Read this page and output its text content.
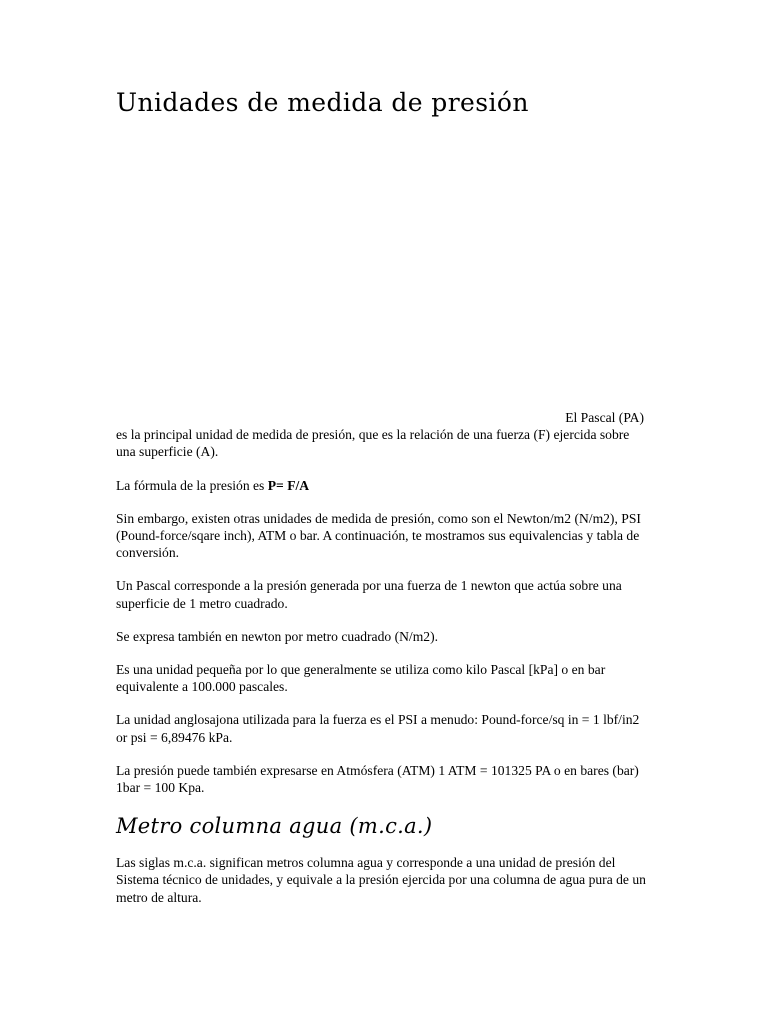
Unidades de medida de presión

El Pascal (PA)
es la principal unidad de medida de presión, que es la relación de una fuerza (F) ejercida sobre una superficie (A).

La fórmula de la presión es P= F/A

Sin embargo, existen otras unidades de medida de presión, como son el Newton/m2 (N/m2), PSI (Pound-force/sqare inch), ATM o bar. A continuación, te mostramos sus equivalencias y tabla de conversión.

Un Pascal corresponde a la presión generada por una fuerza de 1 newton que actúa sobre una superficie de 1 metro cuadrado.

Se expresa también en newton por metro cuadrado (N/m2).

Es una unidad pequeña por lo que generalmente se utiliza como kilo Pascal [kPa] o en bar equivalente a 100.000 pascales.

La unidad anglosajona utilizada para la fuerza es el PSI a menudo: Pound-force/sq in = 1 lbf/in2 or psi = 6,89476 kPa.

La presión puede también expresarse en Atmósfera (ATM) 1 ATM = 101325 PA o en bares (bar) 1bar = 100 Kpa.

Metro columna agua (m.c.a.)

Las siglas m.c.a. significan metros columna agua y corresponde a una unidad de presión del Sistema técnico de unidades, y equivale a la presión ejercida por una columna de agua pura de un metro de altura.
